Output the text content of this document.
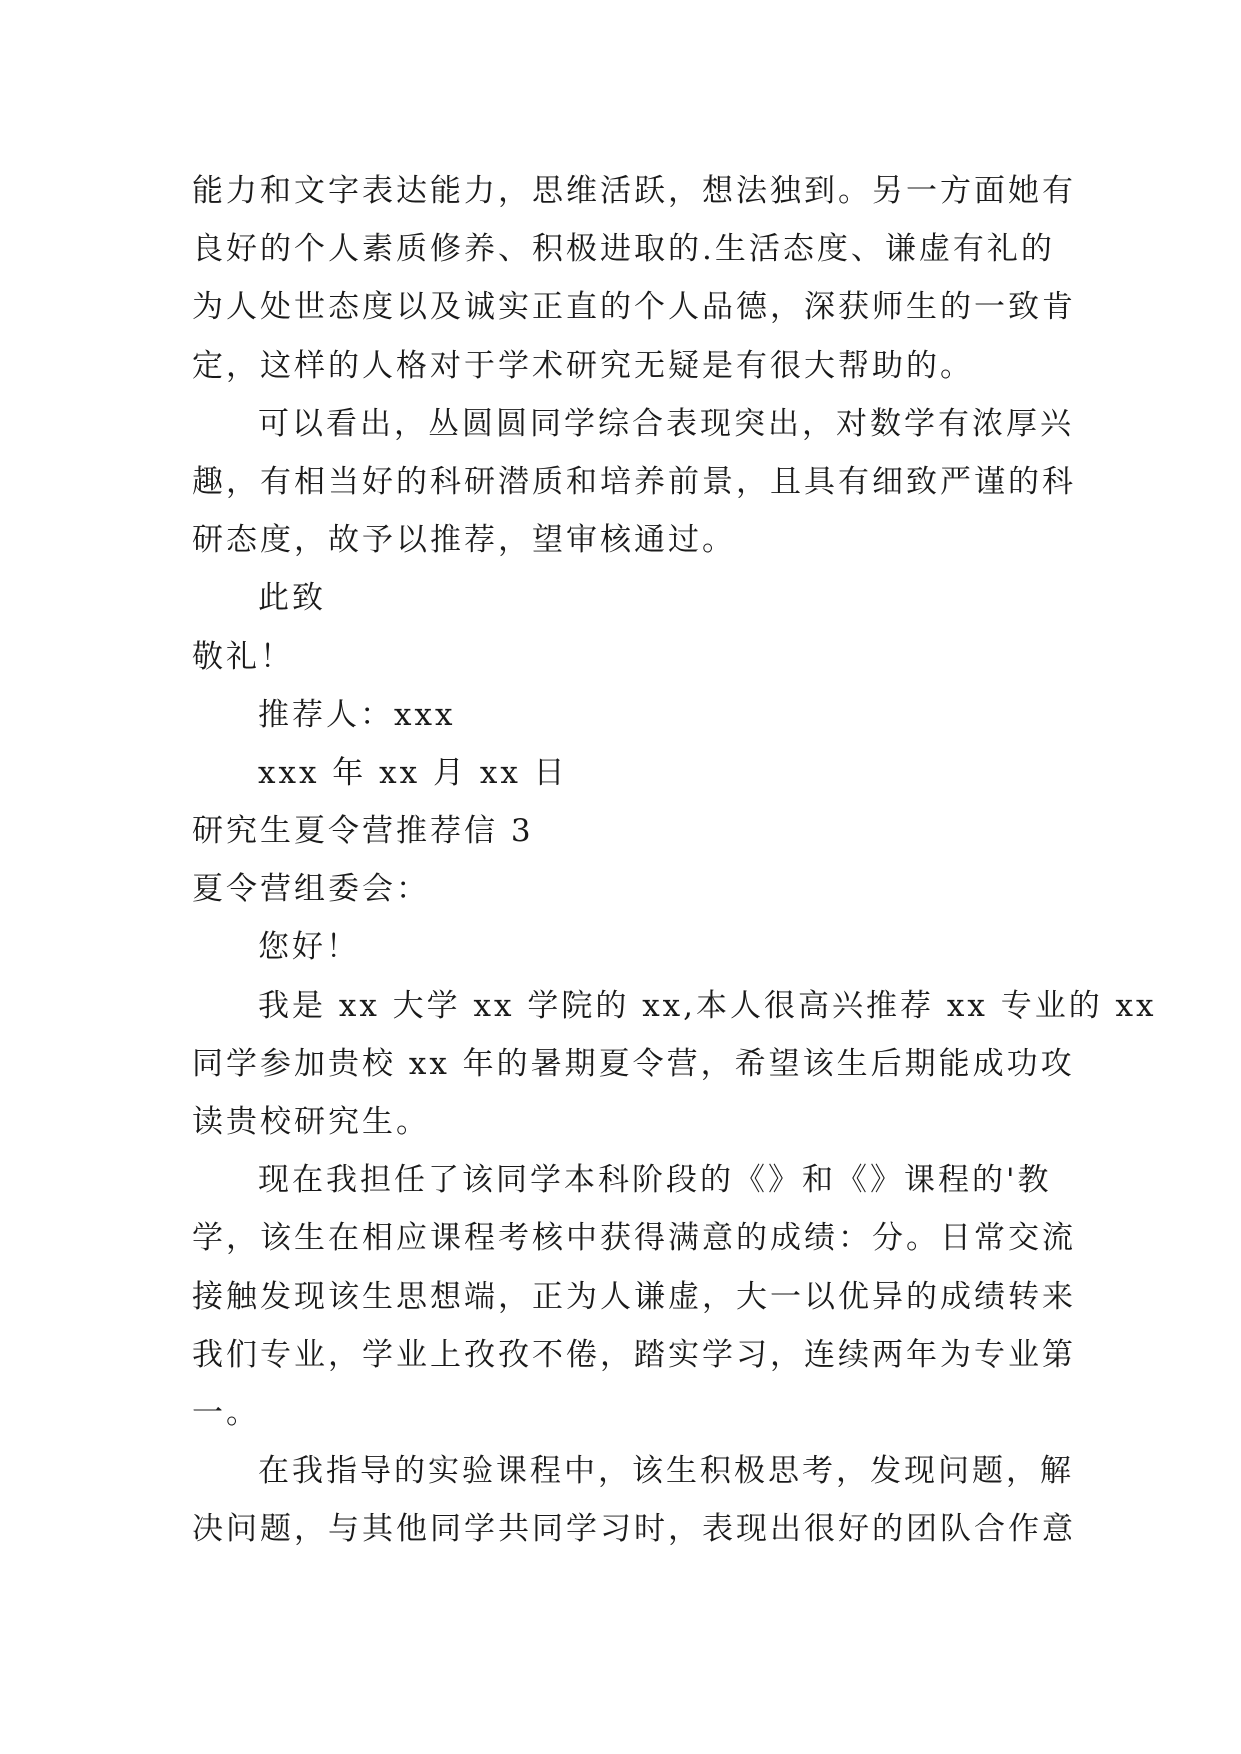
能力和文字表达能力，思维活跃，想法独到。另一方面她有
良好的个人素质修养、积极进取的.生活态度、谦虚有礼的
为人处世态度以及诚实正直的个人品德，深获师生的一致肯
定，这样的人格对于学术研究无疑是有很大帮助的。
可以看出，丛圆圆同学综合表现突出，对数学有浓厚兴
趣，有相当好的科研潜质和培养前景，且具有细致严谨的科
研态度，故予以推荐，望审核通过。
此致
敬礼！
推荐人：xxx
xxx 年 xx 月 xx 日
研究生夏令营推荐信 3
夏令营组委会：
您好！
我是 xx 大学 xx 学院的 xx,本人很高兴推荐 xx 专业的 xx
同学参加贵校 xx 年的暑期夏令营，希望该生后期能成功攻
读贵校研究生。
现在我担任了该同学本科阶段的《》和《》课程的'教
学，该生在相应课程考核中获得满意的成绩：分。日常交流
接触发现该生思想端，正为人谦虚，大一以优异的成绩转来
我们专业，学业上孜孜不倦，踏实学习，连续两年为专业第
一。
在我指导的实验课程中，该生积极思考，发现问题，解
决问题，与其他同学共同学习时，表现出很好的团队合作意
